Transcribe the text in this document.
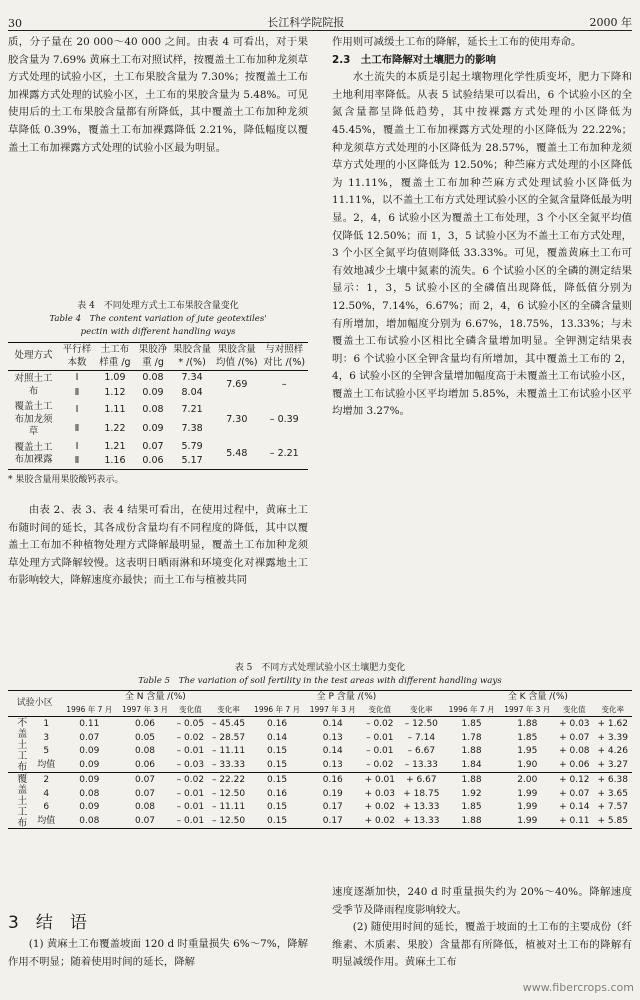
30	长江科学院院报	2000 年

质，分子量在 20 000～40 000 之间。由表 4 可看出，对于果胶含量为 7.69% 黄麻土工布对照试样，按覆盖土工布加种龙须草方式处理的试验小区，土工布果胶含量为 7.30%；按覆盖土工布加裸露方式处理的试验小区，土工布的果胶含量为 5.48%。可见使用后的土工布果胶含量都有所降低，其中覆盖土工布加种龙须草降低 0.39%，覆盖土工布加裸露降低 2.21%，降低幅度以覆盖土工布加裸露方式处理的试验小区最为明显。

表 4　不同处理方式土工布果胶含量变化
Table 4　The content variation of jute geotextiles'
pectin with different handling ways
处理方式	平行样本数	土工布样重 /g	果胶净重 /g	果胶含量* /(%)	果胶含量均值 /(%)	与对照样对比 /(%)
对照土工布	Ⅰ	1.09	0.08	7.34	7.69	–
	Ⅱ	1.12	0.09	8.04		
覆盖土工布加龙须草	Ⅰ	1.11	0.08	7.21	7.30	– 0.39
	Ⅱ	1.22	0.09	7.38		
覆盖土工布加裸露	Ⅰ	1.21	0.07	5.79	5.48	– 2.21
	Ⅱ	1.16	0.06	5.17		
* 果胶含量用果胶酸钙表示。

由表 2、表 3、表 4 结果可看出，在使用过程中，黄麻土工布随时间的延长，其各成份含量均有不同程度的降低，其中以覆盖土工布加不种植物处理方式降解最明显，覆盖土工布加种龙须草处理方式降解较慢。这表明日晒雨淋和环境变化对裸露地土工布影响较大，降解速度亦最快；而土工布与植被共同

作用则可减缓土工布的降解，延长土工布的使用寿命。

2.3　土工布降解对土壤肥力的影响

水土流失的本质是引起土壤物理化学性质变坏，肥力下降和土地利用率降低。从表 5 试验结果可以看出，6 个试验小区的全氮含量都呈降低趋势，其中按裸露方式处理的小区降低为 45.45%，覆盖土工布加裸露方式处理的小区降低为 22.22%；种龙须草方式处理的小区降低为 28.57%，覆盖土工布加种龙须草方式处理的小区降低为 12.50%；种苎麻方式处理的小区降低为 11.11%，覆盖土工布加种苎麻方式处理试验小区降低为 11.11%，以不盖土工布方式处理试验小区的全氮含量降低最为明显。2，4，6 试验小区为覆盖土工布处理，3 个小区全氮平均值仅降低 12.50%；而 1，3，5 试验小区为不盖土工布方式处理，3 个小区全氮平均值则降低 33.33%。可见，覆盖黄麻土工布可有效地减少土壤中氮素的流失。6 个试验小区的全磷的测定结果显示：1，3，5 试验小区的全磷值出现降低，降低值分别为 12.50%，7.14%，6.67%；而 2，4，6 试验小区的全磷含量则有所增加，增加幅度分别为 6.67%，18.75%，13.33%；与未覆盖土工布试验小区相比全磷含量增加明显。全钾测定结果表明：6 个试验小区全钾含量均有所增加，其中覆盖土工布的 2，4，6 试验小区的全钾含量增加幅度高于未覆盖土工布试验小区，覆盖土工布试验小区平均增加 5.85%，未覆盖土工布试验小区平均增加 3.27%。

表 5　不同方式处理试验小区土壤肥力变化
Table 5　The variation of soil fertility in the test areas with different handling ways
试验小区		全 N 含量 /(%)				全 P 含量 /(%)				全 K 含量 /(%)			
		1996 年 7 月	1997 年 3 月	变化值	变化率	1996 年 7 月	1997 年 3 月	变化值	变化率	1996 年 7 月	1997 年 3 月	变化值	变化率
不盖土工布	1	0.11	0.06	– 0.05	– 45.45	0.16	0.14	– 0.02	– 12.50	1.85	1.88	+ 0.03	+ 1.62
	3	0.07	0.05	– 0.02	– 28.57	0.14	0.13	– 0.01	– 7.14	1.78	1.85	+ 0.07	+ 3.39
	5	0.09	0.08	– 0.01	– 11.11	0.15	0.14	– 0.01	– 6.67	1.88	1.95	+ 0.08	+ 4.26
	均值	0.09	0.06	– 0.03	– 33.33	0.15	0.13	– 0.02	– 13.33	1.84	1.90	+ 0.06	+ 3.27
覆盖土工布	2	0.09	0.07	– 0.02	– 22.22	0.15	0.16	+ 0.01	+ 6.67	1.88	2.00	+ 0.12	+ 6.38
	4	0.08	0.07	– 0.01	– 12.50	0.16	0.19	+ 0.03	+ 18.75	1.92	1.99	+ 0.07	+ 3.65
	6	0.09	0.08	– 0.01	– 11.11	0.15	0.17	+ 0.02	+ 13.33	1.85	1.99	+ 0.14	+ 7.57
	均值	0.08	0.07	– 0.01	– 12.50	0.15	0.17	+ 0.02	+ 13.33	1.88	1.99	+ 0.11	+ 5.85
3　结　语

(1) 黄麻土工布覆盖坡面 120 d 时重量损失 6%～7%，降解作用不明显；随着使用时间的延长，降解

速度逐渐加快，240 d 时重量损失约为 20%～40%。降解速度受季节及降雨程度影响较大。

(2) 随使用时间的延长，覆盖于坡面的土工布的主要成份（纤维素、木质素、果胶）含量都有所降低，植被对土工布的降解有明显减缓作用。黄麻土工布

www.fibercrops.com
